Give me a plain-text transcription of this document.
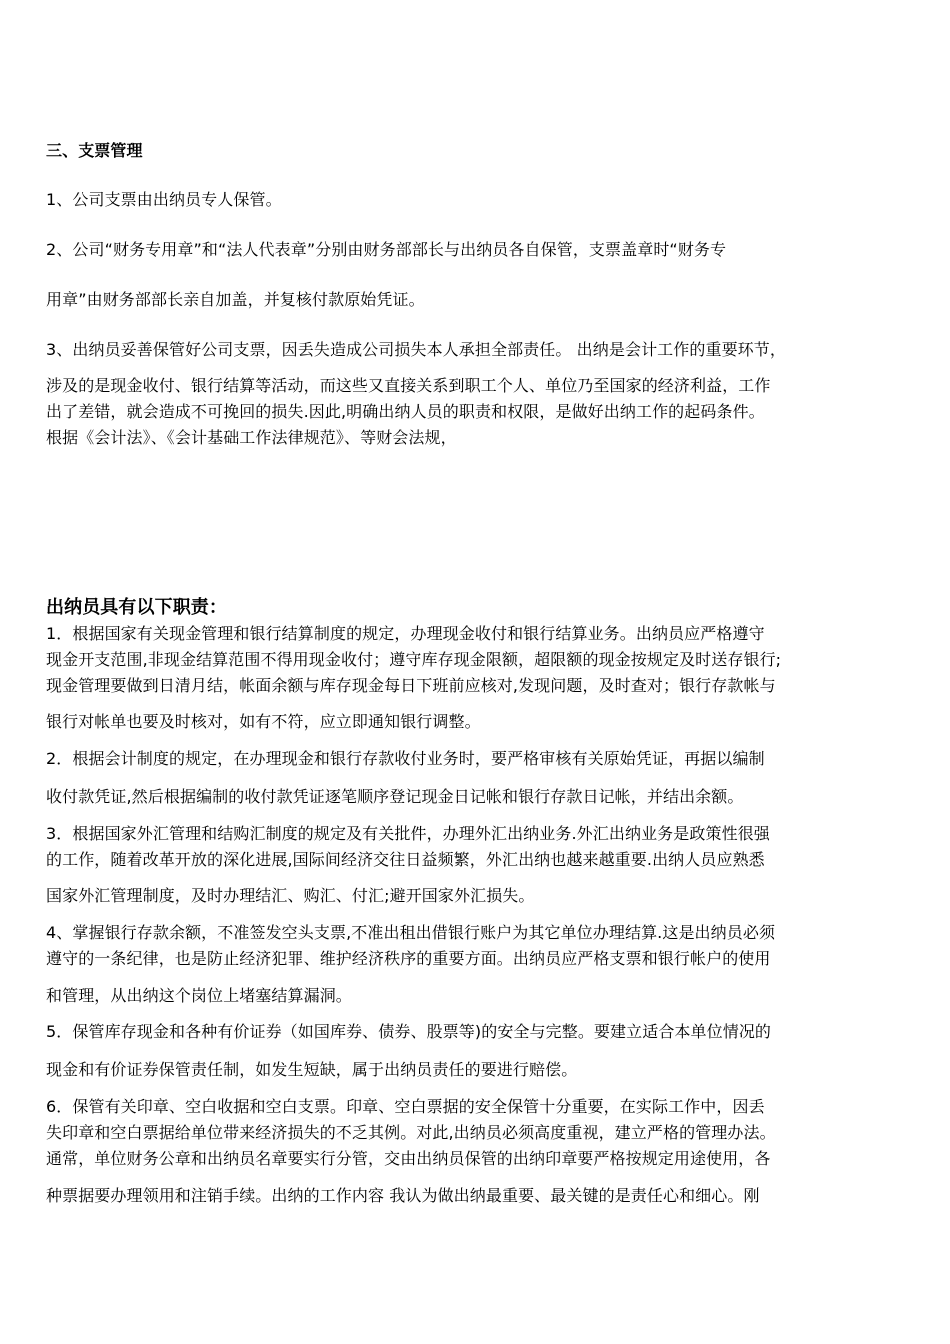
三、支票管理
1、公司支票由出纳员专人保管。
2、公司“财务专用章”和“法人代表章”分别由财务部部长与出纳员各自保管，支票盖章时“财务专
用章”由财务部部长亲自加盖，并复核付款原始凭证。
3、出纳员妥善保管好公司支票，因丢失造成公司损失本人承担全部责任。 出纳是会计工作的重要环节，
涉及的是现金收付、银行结算等活动，而这些又直接关系到职工个人、单位乃至国家的经济利益，工作
出了差错，就会造成不可挽回的损失.因此,明确出纳人员的职责和权限，是做好出纳工作的起码条件。
根据《会计法》、《会计基础工作法律规范》、等财会法规，
出纳员具有以下职责：
1．根据国家有关现金管理和银行结算制度的规定，办理现金收付和银行结算业务。出纳员应严格遵守
现金开支范围,非现金结算范围不得用现金收付；遵守库存现金限额，超限额的现金按规定及时送存银行;
现金管理要做到日清月结，帐面余额与库存现金每日下班前应核对,发现问题，及时查对；银行存款帐与
银行对帐单也要及时核对，如有不符，应立即通知银行调整。
2．根据会计制度的规定，在办理现金和银行存款收付业务时，要严格审核有关原始凭证，再据以编制
收付款凭证,然后根据编制的收付款凭证逐笔顺序登记现金日记帐和银行存款日记帐，并结出余额。
3．根据国家外汇管理和结购汇制度的规定及有关批件，办理外汇出纳业务.外汇出纳业务是政策性很强
的工作，随着改革开放的深化进展,国际间经济交往日益频繁，外汇出纳也越来越重要.出纳人员应熟悉
国家外汇管理制度，及时办理结汇、购汇、付汇;避开国家外汇损失。
4、掌握银行存款余额，不准签发空头支票,不准出租出借银行账户为其它单位办理结算.这是出纳员必须
遵守的一条纪律，也是防止经济犯罪、维护经济秩序的重要方面。出纳员应严格支票和银行帐户的使用
和管理，从出纳这个岗位上堵塞结算漏洞。
5．保管库存现金和各种有价证券（如国库券、债券、股票等)的安全与完整。要建立适合本单位情况的
现金和有价证券保管责任制，如发生短缺，属于出纳员责任的要进行赔偿。
6．保管有关印章、空白收据和空白支票。印章、空白票据的安全保管十分重要，在实际工作中，因丢
失印章和空白票据给单位带来经济损失的不乏其例。对此,出纳员必须高度重视，建立严格的管理办法。
通常，单位财务公章和出纳员名章要实行分管，交由出纳员保管的出纳印章要严格按规定用途使用，各
种票据要办理领用和注销手续。出纳的工作内容 我认为做出纳最重要、最关键的是责任心和细心。刚
